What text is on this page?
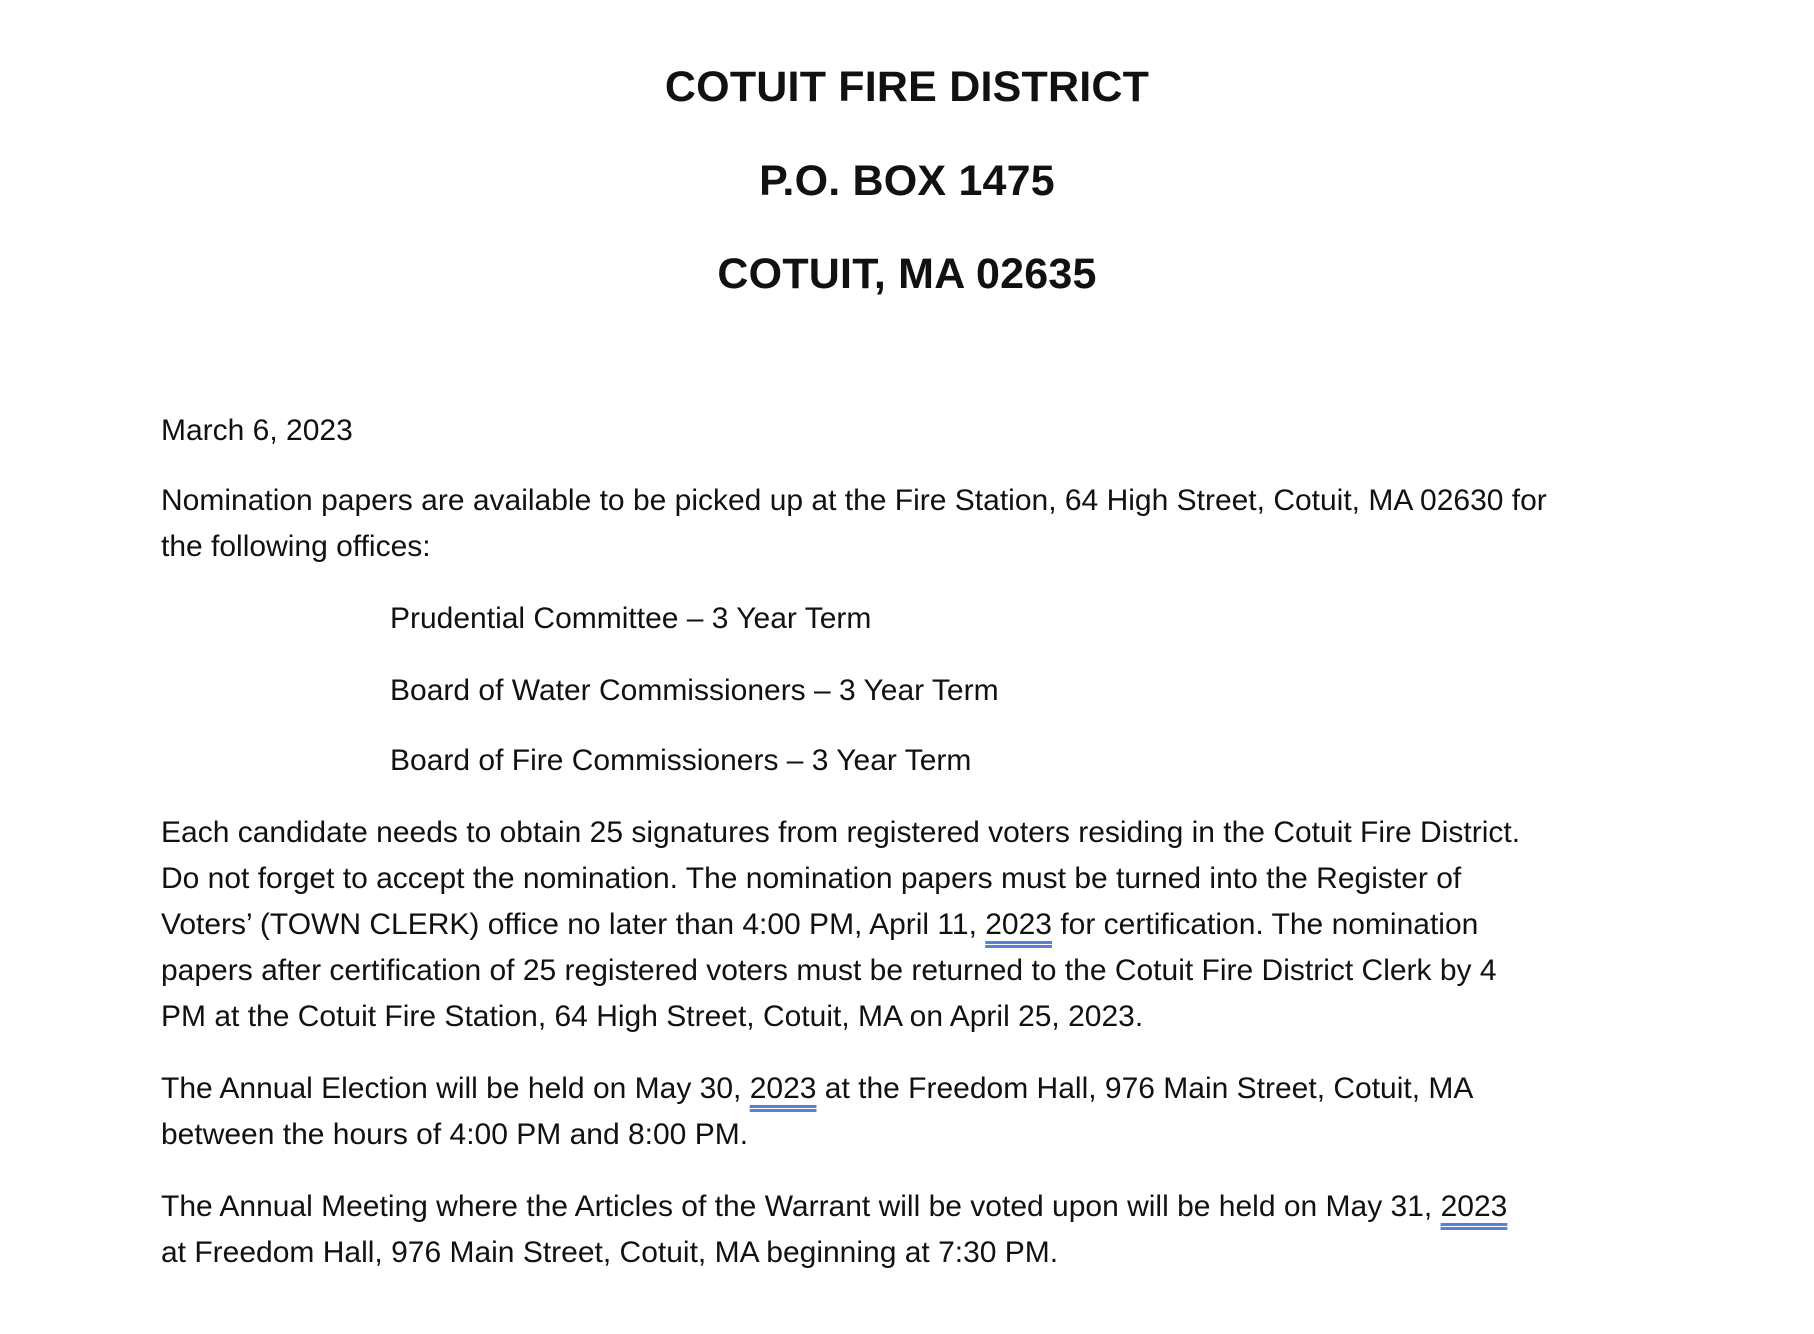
COTUIT FIRE DISTRICT
P.O. BOX 1475
COTUIT, MA 02635
March 6, 2023
Nomination papers are available to be picked up at the Fire Station, 64 High Street, Cotuit, MA 02630 for
the following offices:
Prudential Committee – 3 Year Term
Board of Water Commissioners – 3 Year Term
Board of Fire Commissioners – 3 Year Term
Each candidate needs to obtain 25 signatures from registered voters residing in the Cotuit Fire District.
Do not forget to accept the nomination. The nomination papers must be turned into the Register of
Voters’ (TOWN CLERK) office no later than 4:00 PM, April 11, 2023 for certification. The nomination
papers after certification of 25 registered voters must be returned to the Cotuit Fire District Clerk by 4
PM at the Cotuit Fire Station, 64 High Street, Cotuit, MA on April 25, 2023.
The Annual Election will be held on May 30, 2023 at the Freedom Hall, 976 Main Street, Cotuit, MA
between the hours of 4:00 PM and 8:00 PM.
The Annual Meeting where the Articles of the Warrant will be voted upon will be held on May 31, 2023
at Freedom Hall, 976 Main Street, Cotuit, MA beginning at 7:30 PM.
